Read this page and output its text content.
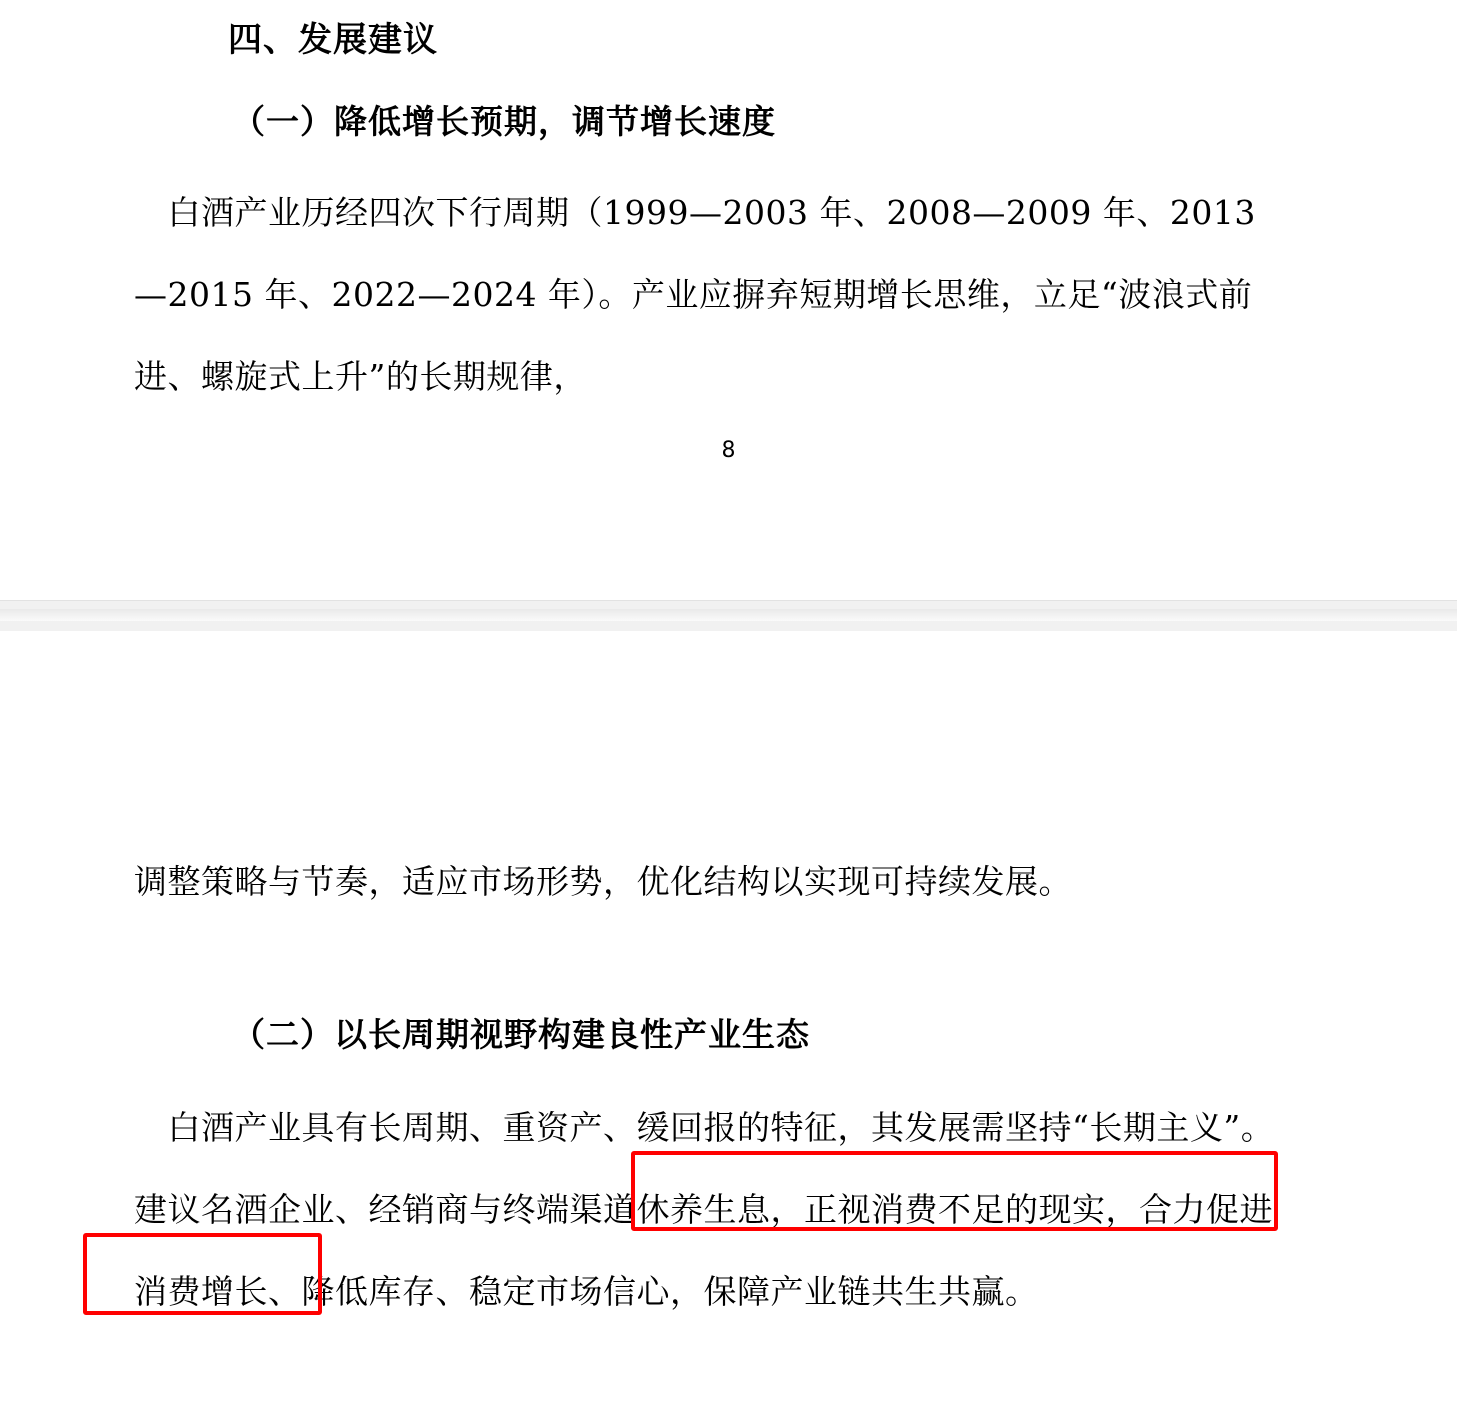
四、发展建议
（一）降低增长预期，调节增长速度
　白酒产业历经四次下行周期（1999—2003 年、2008—2009 年、2013—2015 年、2022—2024 年）。产业应摒弃短期增长思维，立足“波浪式前进、螺旋式上升”的长期规律，
8
调整策略与节奏，适应市场形势，优化结构以实现可持续发展。
（二）以长周期视野构建良性产业生态
　白酒产业具有长周期、重资产、缓回报的特征，其发展需坚持“长期主义”。建议名酒企业、经销商与终端渠道休养生息，正视消费不足的现实，合力促进消费增长、降低库存、稳定市场信心，保障产业链共生共赢。
